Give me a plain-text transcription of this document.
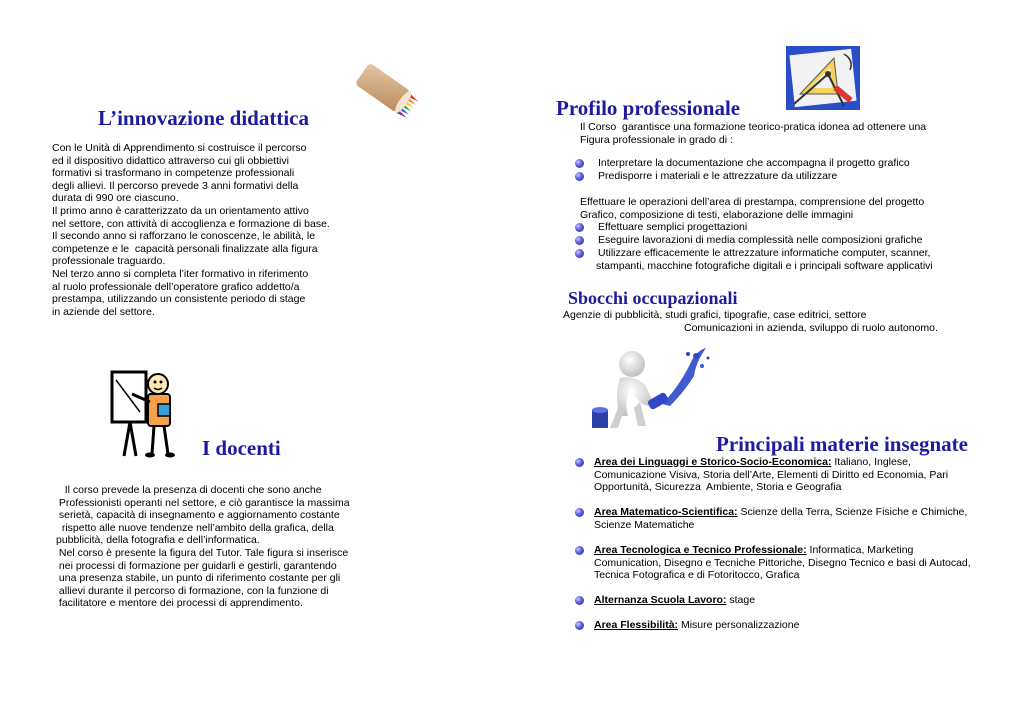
L’innovazione didattica
Con le Unità di Apprendimento si costruisce il percorso
ed il dispositivo didattico attraverso cui gli obbiettivi
formativi si trasformano in competenze professionali
degli allievi. Il percorso prevede 3 anni formativi della
durata di 990 ore ciascuno.
Il primo anno è caratterizzato da un orientamento attivo
nel settore, con attività di accoglienza e formazione di base.
Il secondo anno si rafforzano le conoscenze, le abilità, le
competenze e le  capacità personali finalizzate alla figura
professionale traguardo.
Nel terzo anno si completa l’iter formativo in riferimento
al ruolo professionale dell’operatore grafico addetto/a
prestampa, utilizzando un consistente periodo di stage
in aziende del settore.
I docenti
Il corso prevede la presenza di docenti che sono anche
Professionisti operanti nel settore, e ciò garantisce la massima
serietà, capacità di insegnamento e aggiornamento costante
rispetto alle nuove tendenze nell’ambito della grafica, della
pubblicità, della fotografia e dell’informatica.
Nel corso è presente la figura del Tutor. Tale figura si inserisce
nei processi di formazione per guidarli e gestirli, garantendo
una presenza stabile, un punto di riferimento costante per gli
allievi durante il percorso di formazione, con la funzione di
facilitatore e mentore dei processi di apprendimento.
Profilo professionale
Il Corso  garantisce una formazione teorico-pratica idonea ad ottenere una
Figura professionale in grado di :
Interpretare la documentazione che accompagna il progetto grafico
Predisporre i materiali e le attrezzature da utilizzare
Effettuare le operazioni dell’area di prestampa, comprensione del progetto
Grafico, composizione di testi, elaborazione delle immagini
Effettuare semplici progettazioni
Eseguire lavorazioni di media complessità nelle composizioni grafiche
Utilizzare efficacemente le attrezzature informatiche computer, scanner,
stampanti, macchine fotografiche digitali e i principali software applicativi
Sbocchi occupazionali
Agenzie di pubblicità, studi grafici, tipografie, case editrici, settore
Comunicazioni in azienda, sviluppo di ruolo autonomo.
Principali materie insegnate
Area dei Linguaggi e Storico-Socio-Economica: Italiano, Inglese,
Comunicazione Visiva, Storia dell’Arte, Elementi di Diritto ed Economia, Pari
Opportunità, Sicurezza  Ambiente, Storia e Geografia
Area Matematico-Scientifica: Scienze della Terra, Scienze Fisiche e Chimiche,
Scienze Matematiche
Area Tecnologica e Tecnico Professionale: Informatica, Marketing
Comunication, Disegno e Tecniche Pittoriche, Disegno Tecnico e basi di Autocad,
Tecnica Fotografica e di Fotoritocco, Grafica
Alternanza Scuola Lavoro: stage
Area Flessibilità: Misure personalizzazione
